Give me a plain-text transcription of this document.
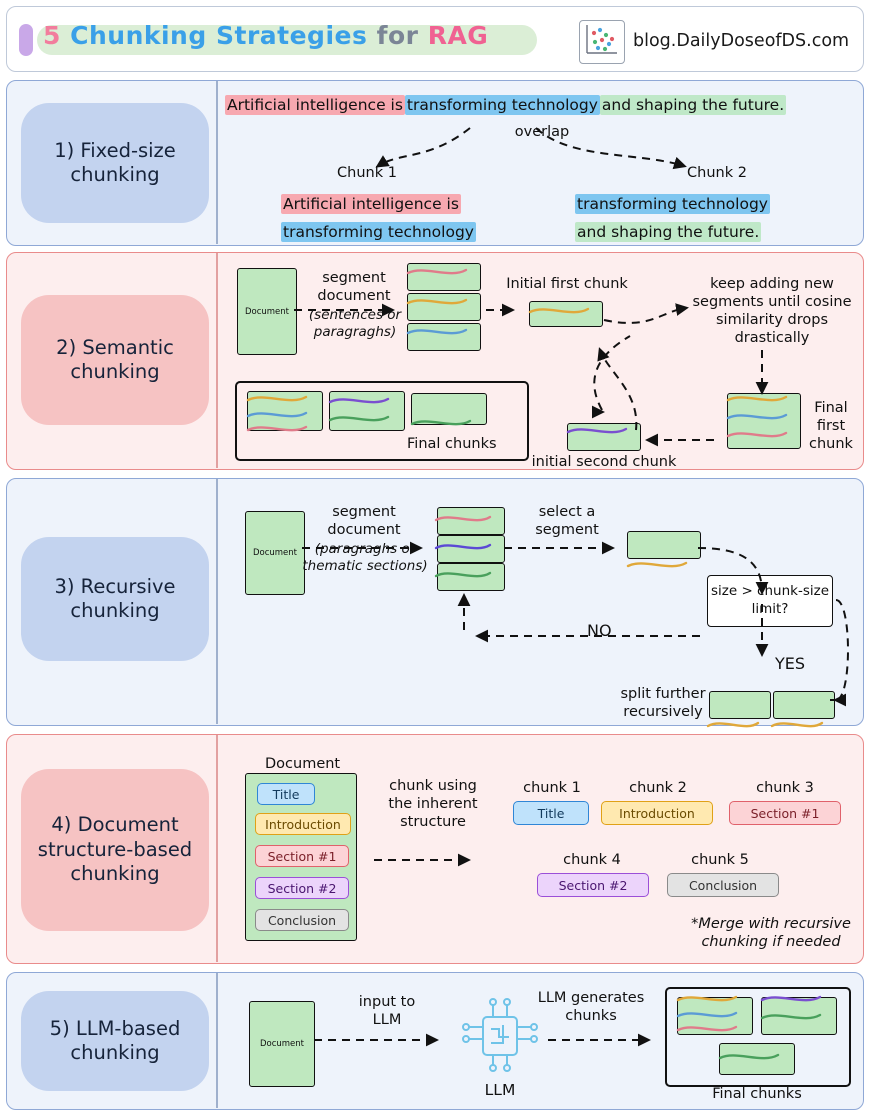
5 Chunking Strategies for RAG	blog.DailyDoseofDS.com
1) Fixed-size chunking
Artificial intelligence is transforming technology and shaping the future.
overlap
Chunk 1	Chunk 2
Artificial intelligence is
transforming technology
transforming technology
and shaping the future.
2) Semantic chunking
Document
segment document
(sentences or paragraghs)
Initial first chunk	keep adding new segments until cosine similarity drops drastically
Final first chunk
initial second chunk
Final chunks
3) Recursive chunking
Document
segment document
(paragraghs or thematic sections)
select a segment
size > chunk-size limit?
NO
YES
split further recursively
4) Document structure-based chunking
Document
Title
Introduction
Section #1
Section #2
Conclusion
chunk using the inherent structure
chunk 1	chunk 2	chunk 3
Title	Introduction	Section #1
chunk 4	chunk 5
Section #2	Conclusion
*Merge with recursive chunking if needed
5) LLM-based chunking	Document
input to LLM
LLM
LLM generates chunks
Final chunks
